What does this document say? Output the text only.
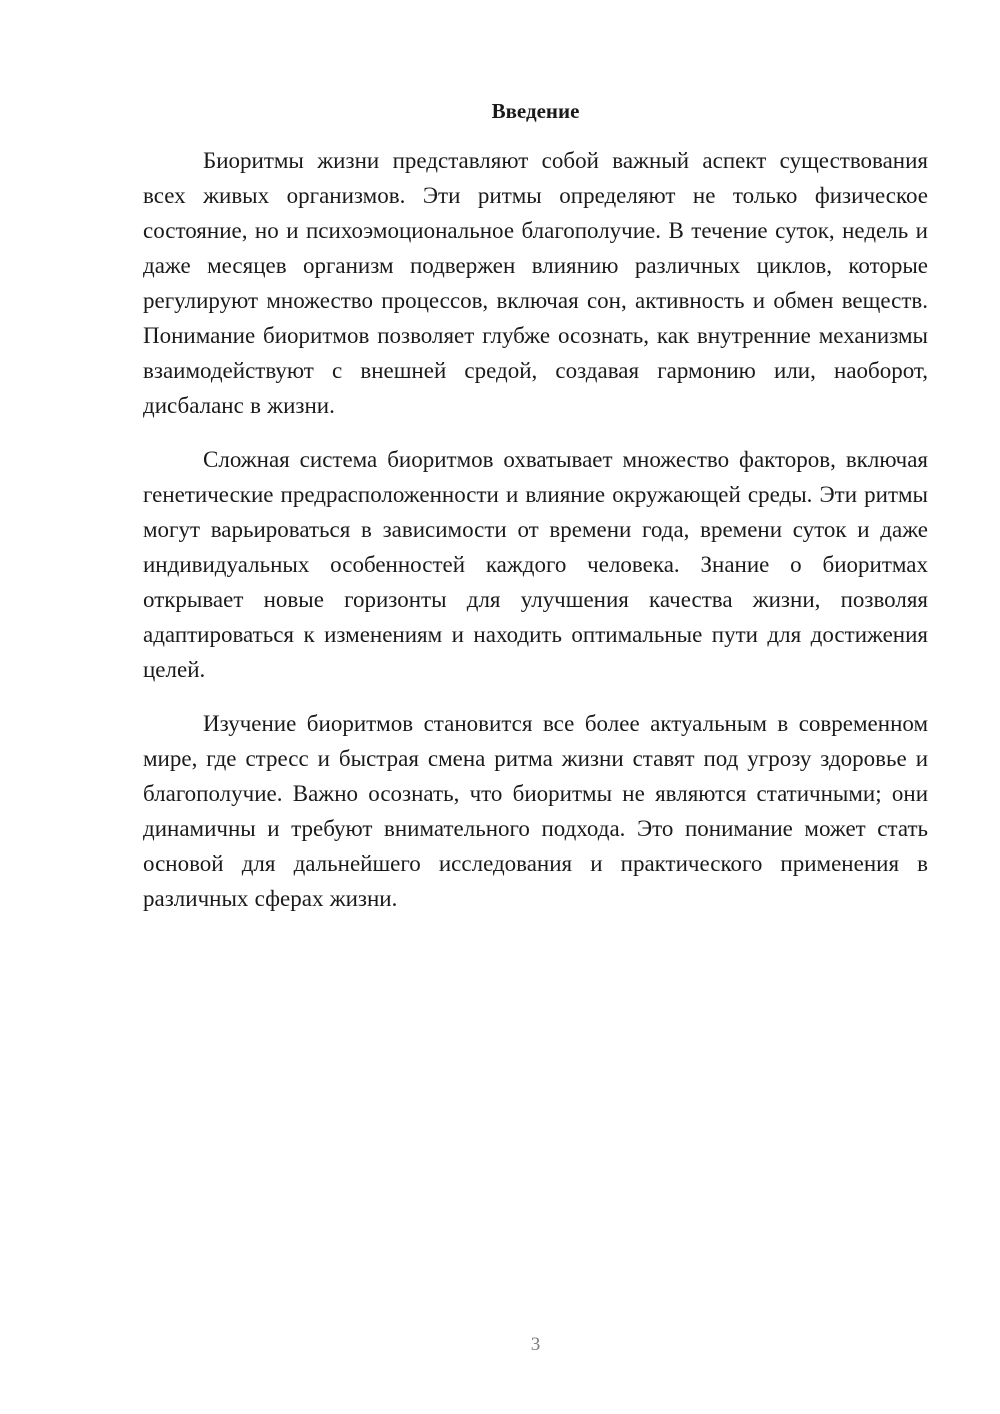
Введение

Биоритмы жизни представляют собой важный аспект существования всех живых организмов. Эти ритмы определяют не только физическое состояние, но и психоэмоциональное благополучие. В течение суток, недель и даже месяцев организм подвержен влиянию различных циклов, которые регулируют множество процессов, включая сон, активность и обмен веществ. Понимание биоритмов позволяет глубже осознать, как внутренние механизмы взаимодействуют с внешней средой, создавая гармонию или, наоборот, дисбаланс в жизни.

Сложная система биоритмов охватывает множество факторов, включая генетические предрасположенности и влияние окружающей среды. Эти ритмы могут варьироваться в зависимости от времени года, времени суток и даже индивидуальных особенностей каждого человека. Знание о биоритмах открывает новые горизонты для улучшения качества жизни, позволяя адаптироваться к изменениям и находить оптимальные пути для достижения целей.

Изучение биоритмов становится все более актуальным в современном мире, где стресс и быстрая смена ритма жизни ставят под угрозу здоровье и благополучие. Важно осознать, что биоритмы не являются статичными; они динамичны и требуют внимательного подхода. Это понимание может стать основой для дальнейшего исследования и практического применения в различных сферах жизни.

3
